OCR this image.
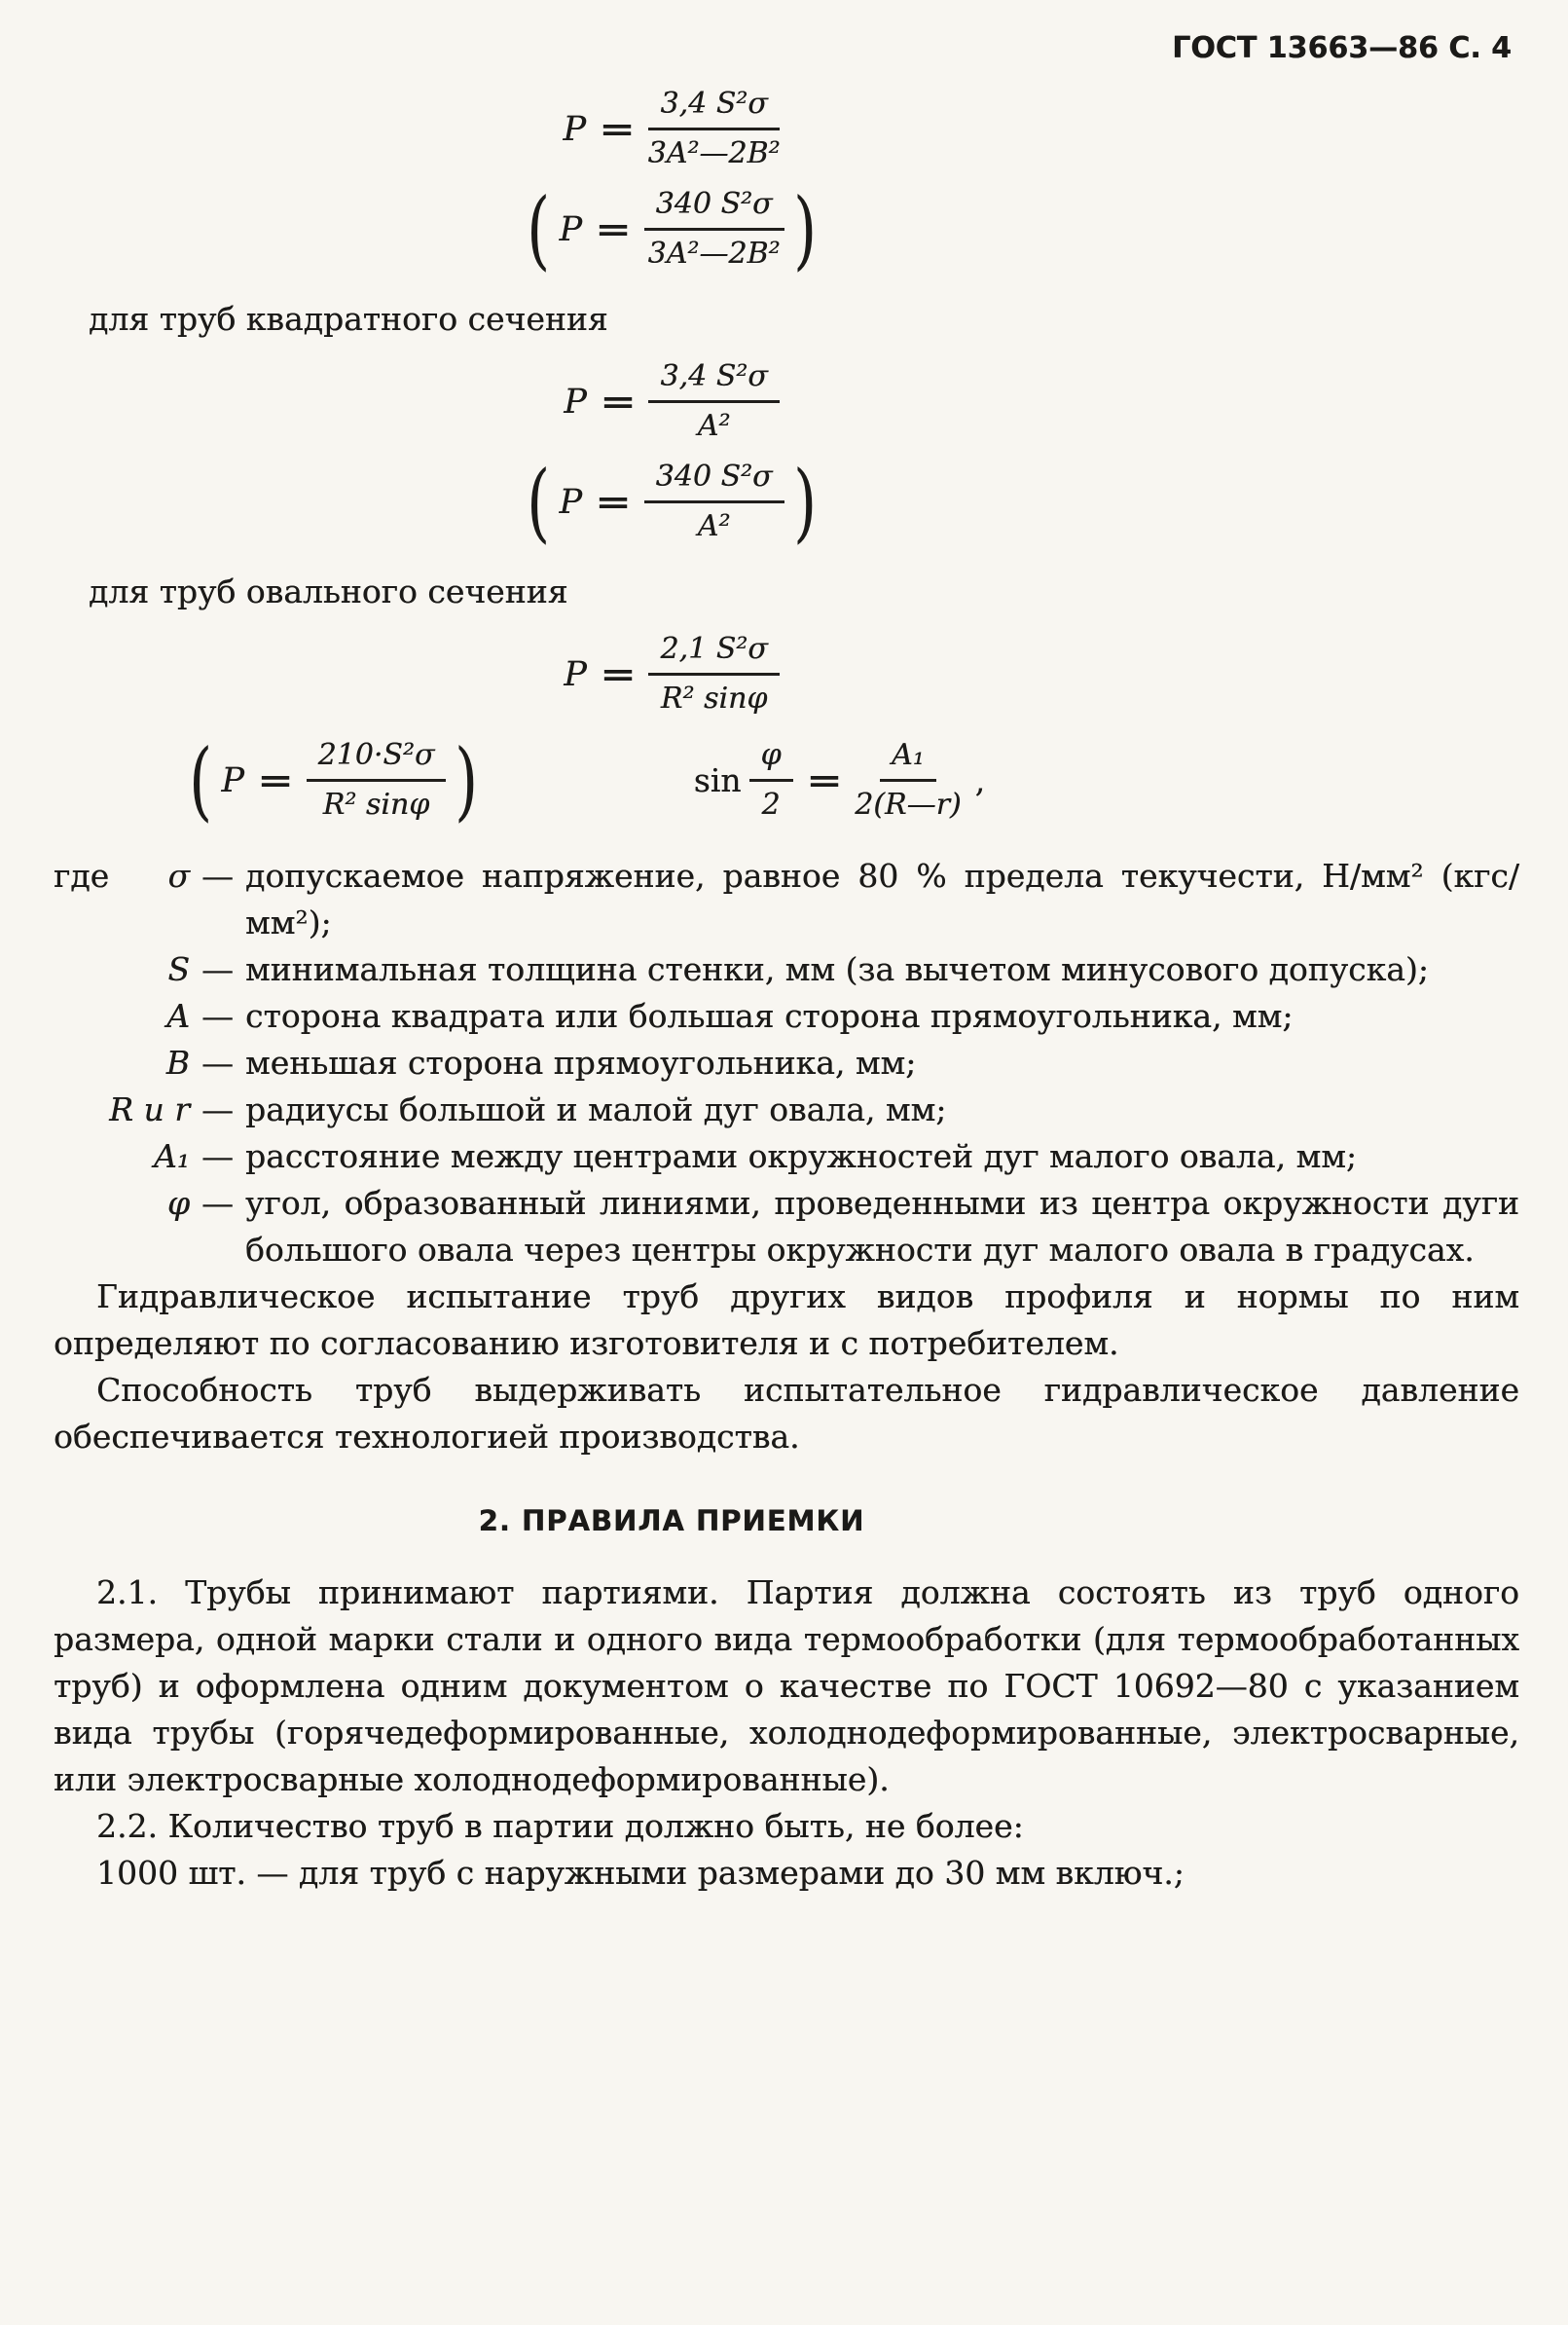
ГОСТ 13663—86 С. 4
$P = \frac{\text{3,4 S²σ}}{\text{3A²—2B²}}$
( $P = \frac{\text{340 S²σ}}{\text{3A²—2B²}}$ )
для труб квадратного сечения
$P = \frac{\text{3,4 S²σ}}{\text{A²}}$
( $P = \frac{\text{340 S²σ}}{\text{A²}}$ )
для труб овального сечения
$P = \frac{\text{2,1 S²σ}}{\text{R² sinφ}}$
( $P = \frac{\text{210·S²σ}}{\text{R² sinφ}}$ )	$\sin \frac{\varphi}{2} = \frac{\text{A₁}}{2(R—r)}$ ,
где	σ — допускаемое напряжение, равное 80 % предела текучести, Н/мм² (кгс/мм²);
S — минимальная толщина стенки, мм (за вычетом минусового допуска);
A — сторона квадрата или большая сторона прямоугольника, мм;
B — меньшая сторона прямоугольника, мм;
R и r — радиусы большой и малой дуг овала, мм;
A₁ — расстояние между центрами окружностей дуг малого овала, мм;
φ — угол, образованный линиями, проведенными из центра окружности дуги большого овала через центры окружности дуг малого овала в градусах.
Гидравлическое испытание труб других видов профиля и нормы по ним определяют по согласованию изготовителя и с потребителем.
Способность труб выдерживать испытательное гидравлическое давление обеспечивается технологией производства.
2. ПРАВИЛА ПРИЕМКИ
2.1. Трубы принимают партиями. Партия должна состоять из труб одного размера, одной марки стали и одного вида термообработки (для термообработанных труб) и оформлена одним документом о качестве по ГОСТ 10692—80 с указанием вида трубы (горячедеформированные, холоднодеформированные, электросварные, или электросварные холоднодеформированные).
2.2. Количество труб в партии должно быть, не более:
1000 шт. — для труб с наружными размерами до 30 мм включ.;
